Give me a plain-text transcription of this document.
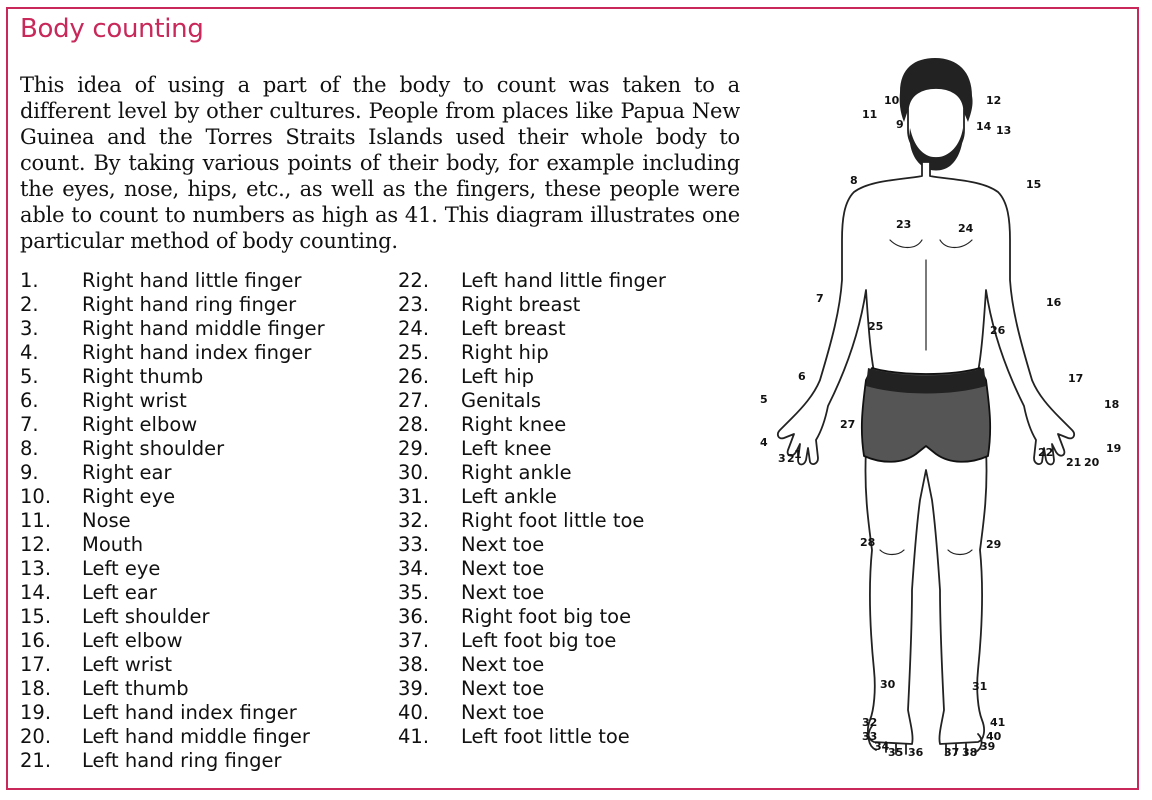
Body counting
This idea of using a part of the body to count was taken to a different level by other cultures. People from places like Papua New Guinea and the Torres Straits Islands used their whole body to count. By taking various points of their body, for example including the eyes, nose, hips, etc., as well as the fingers, these people were able to count to numbers as high as 41. This diagram illustrates one particular method of body counting.
1. Right hand little finger
2. Right hand ring finger
3. Right hand middle finger
4. Right hand index finger
5. Right thumb
6. Right wrist
7. Right elbow
8. Right shoulder
9. Right ear
10. Right eye
11. Nose
12. Mouth
13. Left eye
14. Left ear
15. Left shoulder
16. Left elbow
17. Left wrist
18. Left thumb
19. Left hand index finger
20. Left hand middle finger
21. Left hand ring finger
22. Left hand little finger
23. Right breast
24. Left breast
25. Right hip
26. Left hip
27. Genitals
28. Right knee
29. Left knee
30. Right ankle
31. Left ankle
32. Right foot little toe
33. Next toe
34. Next toe
35. Next toe
36. Right foot big toe
37. Left foot big toe
38. Next toe
39. Next toe
40. Next toe
41. Left foot little toe
1
2
3
4
5
6
7
8
9
10
11
12
13
14
15
16
17
18
19
20
21
22
23	24
25	26
27
28	29
30	31
32
33
34
35 36 37 38 39
40
41
